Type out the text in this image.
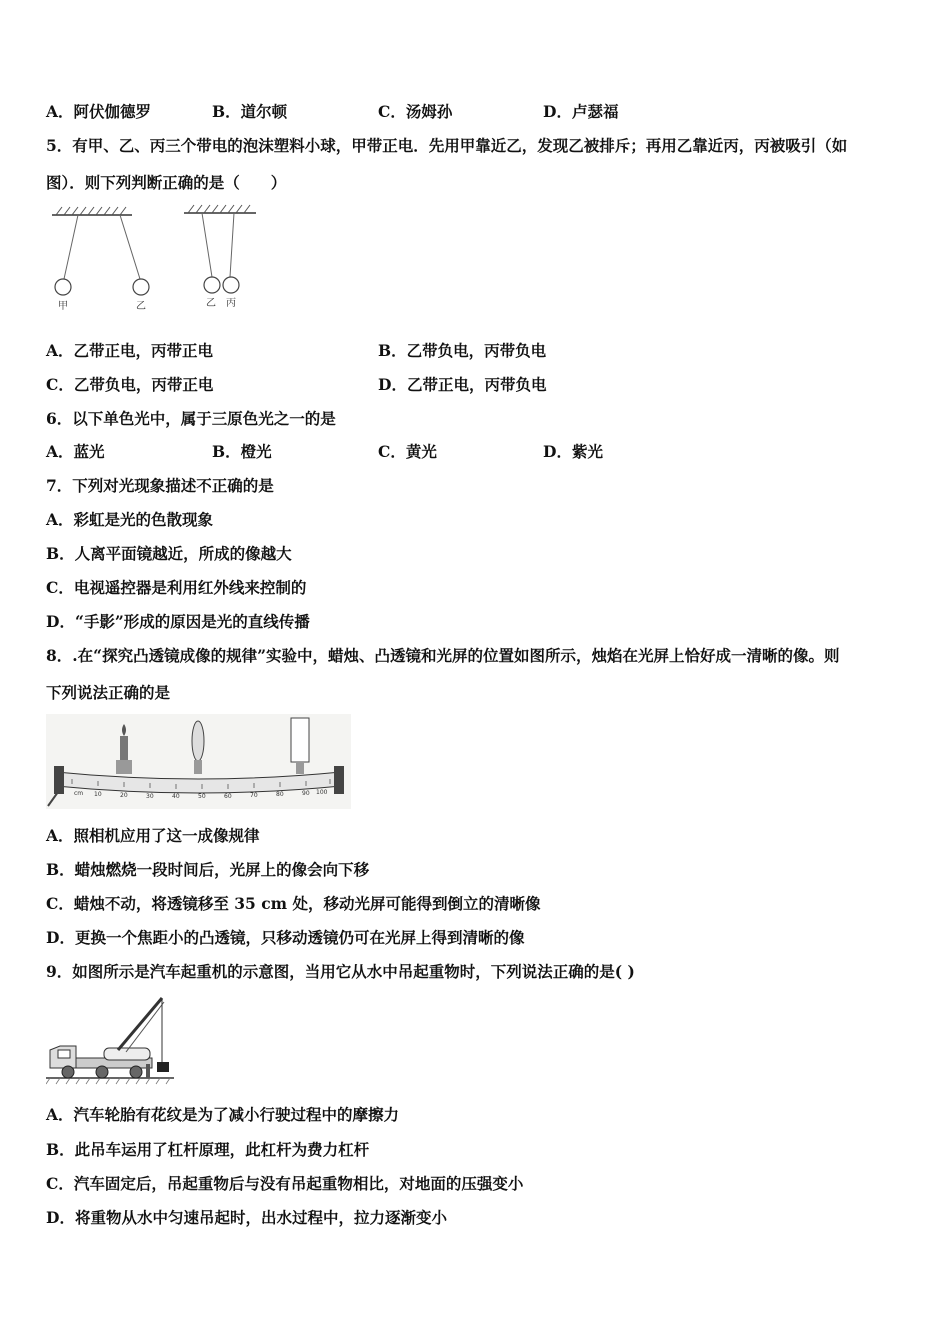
A．阿伏伽德罗	B．道尔顿	C．汤姆孙	D．卢瑟福
5．有甲、乙、丙三个带电的泡沫塑料小球，甲带正电．先用甲靠近乙，发现乙被排斥；再用乙靠近丙，丙被吸引（如
图）．则下列判断正确的是（　　）
甲	乙	乙 丙
A．乙带正电，丙带正电	B．乙带负电，丙带负电
C．乙带负电，丙带正电	D．乙带正电，丙带负电
6．以下单色光中，属于三原色光之一的是
A．蓝光	B．橙光	C．黄光	D．紫光
7．下列对光现象描述不正确的是
A．彩虹是光的色散现象
B．人离平面镜越近，所成的像越大
C．电视遥控器是利用红外线来控制的
D．“手影”形成的原因是光的直线传播
8．.在“探究凸透镜成像的规律”实验中，蜡烛、凸透镜和光屏的位置如图所示，烛焰在光屏上恰好成一清晰的像。则
下列说法正确的是
cm 10	20	30	40	50	60	70	80	90 100
A．照相机应用了这一成像规律
B．蜡烛燃烧一段时间后，光屏上的像会向下移
C．蜡烛不动，将透镜移至 35 cm 处，移动光屏可能得到倒立的清晰像
D．更换一个焦距小的凸透镜，只移动透镜仍可在光屏上得到清晰的像
9．如图所示是汽车起重机的示意图，当用它从水中吊起重物时，下列说法正确的是( )
A．汽车轮胎有花纹是为了减小行驶过程中的摩擦力
B．此吊车运用了杠杆原理，此杠杆为费力杠杆
C．汽车固定后，吊起重物后与没有吊起重物相比，对地面的压强变小
D．将重物从水中匀速吊起时，出水过程中，拉力逐渐变小
